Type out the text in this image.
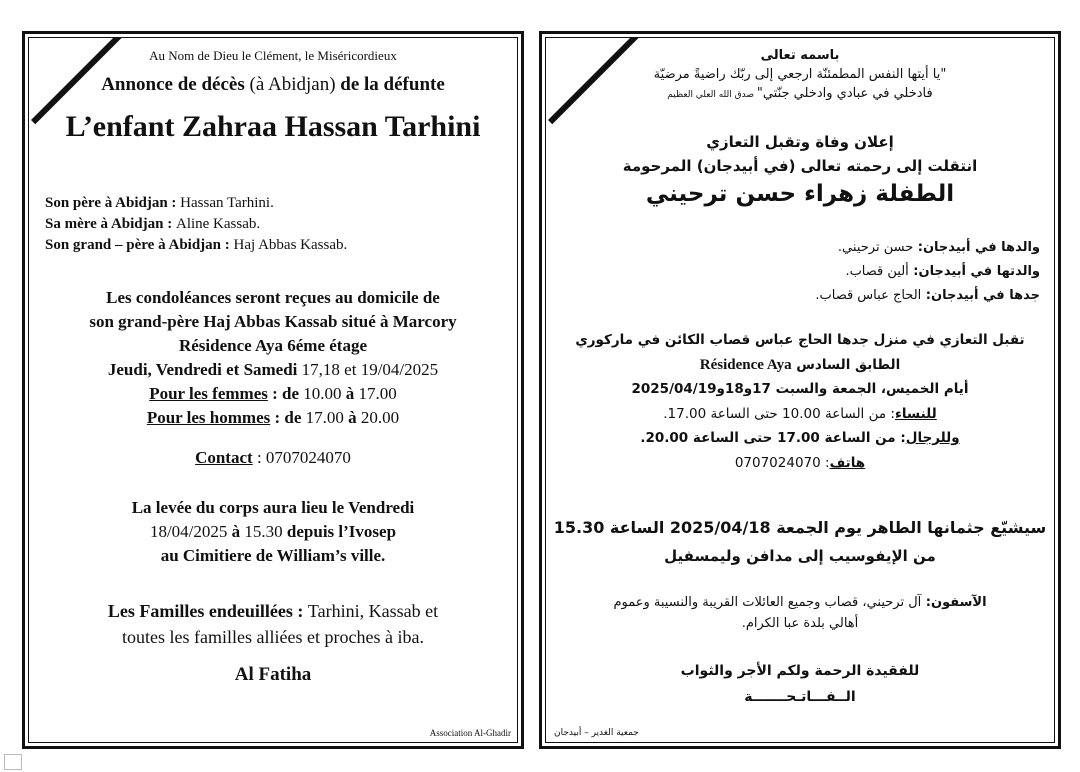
Au Nom de Dieu le Clément, le Miséricordieux
Annonce de décès (à Abidjan) de la défunte
L’enfant Zahraa Hassan Tarhini
Son père à Abidjan : Hassan Tarhini.
Sa mère à Abidjan : Aline Kassab.
Son grand – père à Abidjan : Haj Abbas Kassab.
Les condoléances seront reçues au domicile de
son grand-père Haj Abbas Kassab situé à Marcory
Résidence Aya 6éme étage
Jeudi, Vendredi et Samedi 17,18 et 19/04/2025
Pour les femmes : de 10.00 à 17.00
Pour les hommes : de 17.00 à 20.00
Contact : 0707024070
La levée du corps aura lieu le Vendredi
18/04/2025 à 15.30 depuis l’Ivosep
au Cimitiere de William’s ville.
Les Familles endeuillées : Tarhini, Kassab et
toutes les familles alliées et proches à iba.
Al Fatiha
Association Al-Ghadir
باسمه تعالى
"يا أيتها النفس المطمئنّة ارجعي إلى ربّك راضيةً مرضيّة
فادخلي في عبادي وادخلي جنّتي" صدق الله العلي العظيم
إعلان وفاة وتقبل التعازي
انتقلت إلى رحمته تعالى (في أبيدجان) المرحومة
الطفلة زهراء حسن ترحيني
والدها في أبيدجان: حسن ترحيني.
والدتها في أبيدجان: ألين قصاب.
جدها في أبيدجان: الحاج عباس قصاب.
تقبل التعازي في منزل جدها الحاج عباس قصاب الكائن في ماركوري
الطابق السادس Résidence Aya
أيام الخميس، الجمعة والسبت 17و18و2025/04/19
للنساء: من الساعة 10.00 حتى الساعة 17.00.
وللرجال: من الساعة 17.00 حتى الساعة 20.00.
هاتف: 0707024070
سيشيّع جثمانها الطاهر يوم الجمعة 2025/04/18 الساعة 15.30
من الإيفوسيب إلى مدافن وليمسفيل
الآسفون: آل ترحيني، قصاب وجميع العائلات القريبة والنسيبة وعموم
أهالي بلدة عبا الكرام.
للفقيدة الرحمة ولكم الأجر والثواب
الــفـــاتـحـــــــة
جمعية الغدير – أبيدجان
